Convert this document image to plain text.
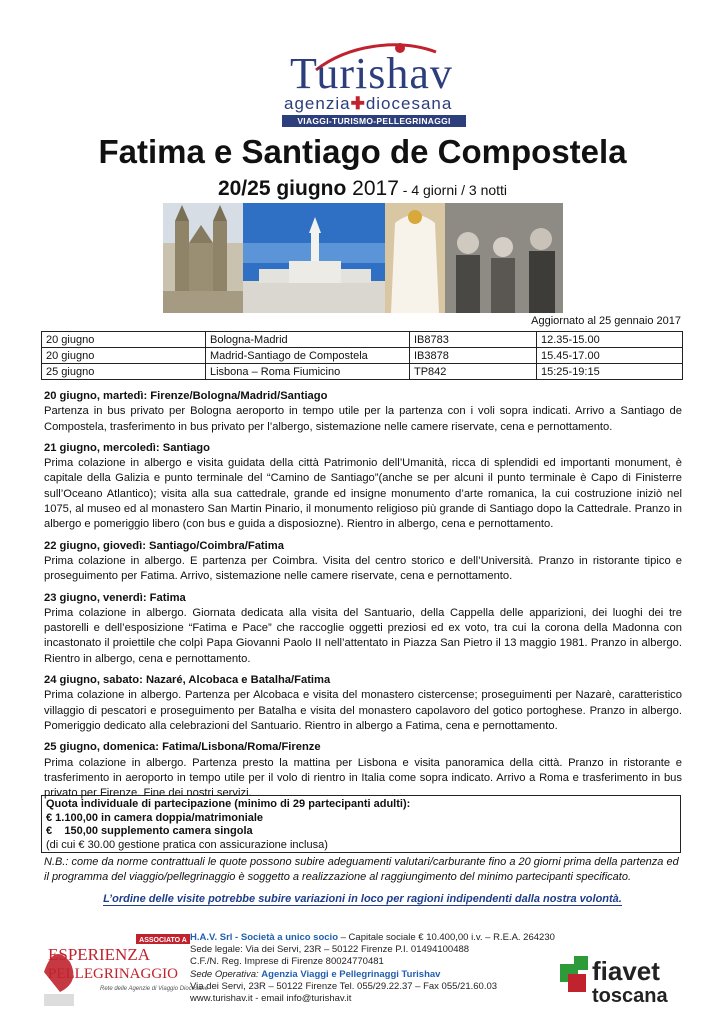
Turishav
agenzia✚diocesana
VIAGGI-TURISMO-PELLEGRINAGGI
Fatima e Santiago de Compostela
20/25 giugno 2017 - 4 giorni / 3 notti
Aggiornato al 25 gennaio 2017
20 giugno	Bologna-Madrid	IB8783	12.35-15.00
20 giugno	Madrid-Santiago de Compostela	IB3878	15.45-17.00
25 giugno	Lisbona – Roma Fiumicino	TP842	15:25-19:15

20 giugno, martedì: Firenze/Bologna/Madrid/Santiago

Partenza in bus privato per Bologna aeroporto in tempo utile per la partenza con i voli sopra indicati. Arrivo a Santiago de Compostela, trasferimento in bus privato per l’albergo, sistemazione nelle camere riservate, cena e pernottamento.

21 giugno, mercoledì: Santiago

Prima colazione in albergo e visita guidata della città Patrimonio dell’Umanità, ricca di splendidi ed importanti monument, è capitale della Galizia e punto terminale del “Camino de Santiago”(anche se per alcuni il punto terminale è Capo di Finisterre sull’Oceano Atlantico); visita alla sua cattedrale, grande ed insigne monumento d’arte romanica, la cui costruzione iniziò nel 1075, al museo ed al monastero San Martin Pinario, il monumento religioso più grande di Santiago dopo la Cattedrale. Pranzo in albergo e pomeriggio libero (con bus e guida a disposiozne). Rientro in albergo, cena e pernottamento.

22 giugno, giovedì: Santiago/Coimbra/Fatima

Prima colazione in albergo. E partenza per Coimbra. Visita del centro storico e dell’Università. Pranzo in ristorante tipico e proseguimento per Fatima. Arrivo, sistemazione nelle camere riservate, cena e pernottamento.

23 giugno, venerdì: Fatima

Prima colazione in albergo. Giornata dedicata alla visita del Santuario, della Cappella delle apparizioni, dei luoghi dei tre pastorelli e dell’esposizione “Fatima e Pace” che raccoglie oggetti preziosi ed ex voto, tra cui la corona della Madonna con incastonato il proiettile che colpì Papa Giovanni Paolo II nell’attentato in Piazza San Pietro il 13 maggio 1981. Pranzo in albergo. Rientro in albergo, cena e pernottamento.

24 giugno, sabato: Nazaré, Alcobaca e Batalha/Fatima

Prima colazione in albergo. Partenza per Alcobaca e visita del monastero cistercense; proseguimenti per Nazarè, caratteristico villaggio di pescatori e proseguimento per Batalha e visita del monastero capolavoro del gotico portoghese. Pranzo in albergo. Pomeriggio dedicato alla celebrazioni del Santuario. Rientro in albergo a Fatima, cena e pernottamento.

25 giugno, domenica: Fatima/Lisbona/Roma/Firenze

Prima colazione in albergo. Partenza presto la mattina per Lisbona e visita panoramica della città. Pranzo in ristorante e trasferimento in aeroporto in tempo utile per il volo di rientro in Italia come sopra indicato. Arrivo a Roma e trasferimento in bus privato per Firenze. Fine dei nostri servizi.

Quota individuale di partecipazione (minimo di 29 partecipanti adulti):
€ 1.100,00 in camera doppia/matrimoniale
€    150,00 supplemento camera singola
(di cui € 30.00 gestione pratica con assicurazione inclusa)
N.B.: come da norme contrattuali le quote possono subire adeguamenti valutari/carburante fino a 20 giorni prima della partenza ed il programma del viaggio/pellegrinaggio è soggetto a realizzazione al raggiungimento del minimo partecipanti specificato.
L’ordine delle visite potrebbe subire variazioni in loco per ragioni indipendenti dalla nostra volontà.
ASSOCIATO A
ESPERIENZA
PELLEGRINAGGIO
Rete delle Agenzie di Viaggio Diocesane
H.A.V. Srl - Società a unico socio – Capitale sociale € 10.400,00 i.v. – R.E.A. 264230
Sede legale: Via dei Servi, 23R – 50122 Firenze P.I. 01494100488
C.F./N. Reg. Imprese di Firenze 80024770481
Sede Operativa: Agenzia Viaggi e Pellegrinaggi Turishav
Via dei Servi, 23R – 50122 Firenze Tel. 055/29.22.37 – Fax 055/21.60.03
www.turishav.it - email info@turishav.it
fiavet
toscana
